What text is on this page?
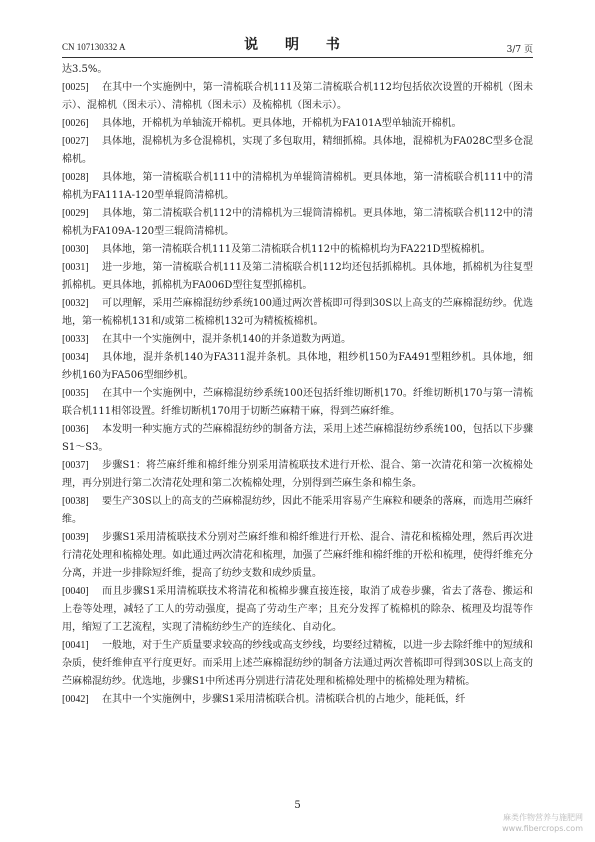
CN 107130332 A	说 明 书	3/7 页

达3.5%。

[0025] 在其中一个实施例中，第一清梳联合机111及第二清梳联合机112均包括依次设置的开棉机（图未示）、混棉机（图未示）、清棉机（图未示）及梳棉机（图未示）。

[0026] 具体地，开棉机为单轴流开棉机。更具体地，开棉机为FA101A型单轴流开棉机。

[0027] 具体地，混棉机为多仓混棉机，实现了多包取用，精细抓棉。具体地，混棉机为FA028C型多仓混棉机。

[0028] 具体地，第一清梳联合机111中的清棉机为单辊筒清棉机。更具体地，第一清梳联合机111中的清棉机为FA111A-120型单辊筒清棉机。

[0029] 具体地，第二清梳联合机112中的清棉机为三辊筒清棉机。更具体地，第二清梳联合机112中的清棉机为FA109A-120型三辊筒清棉机。

[0030] 具体地，第一清梳联合机111及第二清梳联合机112中的梳棉机均为FA221D型梳棉机。

[0031] 进一步地，第一清梳联合机111及第二清梳联合机112均还包括抓棉机。具体地，抓棉机为往复型抓棉机。更具体地，抓棉机为FA006D型往复型抓棉机。

[0032] 可以理解，采用苎麻棉混纺纱系统100通过两次普梳即可得到30S以上高支的苎麻棉混纺纱。优选地，第一梳棉机131和/或第二梳棉机132可为精梳梳棉机。

[0033] 在其中一个实施例中，混并条机140的并条道数为两道。

[0034] 具体地，混并条机140为FA311混并条机。具体地，粗纱机150为FA491型粗纱机。具体地，细纱机160为FA506型细纱机。

[0035] 在其中一个实施例中，苎麻棉混纺纱系统100还包括纤维切断机170。纤维切断机170与第一清梳联合机111相邻设置。纤维切断机170用于切断苎麻精干麻，得到苎麻纤维。

[0036] 本发明一种实施方式的苎麻棉混纺纱的制备方法，采用上述苎麻棉混纺纱系统100，包括以下步骤S1～S3。

[0037] 步骤S1：将苎麻纤维和棉纤维分别采用清梳联技术进行开松、混合、第一次清花和第一次梳棉处理，再分别进行第二次清花处理和第二次梳棉处理，分别得到苎麻生条和棉生条。

[0038] 要生产30S以上的高支的苎麻棉混纺纱，因此不能采用容易产生麻粒和硬条的落麻，而选用苎麻纤维。

[0039] 步骤S1采用清梳联技术分别对苎麻纤维和棉纤维进行开松、混合、清花和梳棉处理，然后再次进行清花处理和梳棉处理。如此通过两次清花和梳理，加强了苎麻纤维和棉纤维的开松和梳理，使得纤维充分分离，并进一步排除短纤维，提高了纺纱支数和成纱质量。

[0040] 而且步骤S1采用清梳联技术将清花和梳棉步骤直接连接，取消了成卷步骤，省去了落卷、搬运和上卷等处理，减轻了工人的劳动强度，提高了劳动生产率；且充分发挥了梳棉机的除杂、梳理及均混等作用，缩短了工艺流程，实现了清梳纺纱生产的连续化、自动化。

[0041] 一般地，对于生产质量要求较高的纱线或高支纱线，均要经过精梳，以进一步去除纤维中的短绒和杂质，使纤维伸直平行度更好。而采用上述苎麻棉混纺纱的制备方法通过两次普梳即可得到30S以上高支的苎麻棉混纺纱。优选地，步骤S1中所述再分别进行清花处理和梳棉处理中的梳棉处理为精梳。

[0042] 在其中一个实施例中，步骤S1采用清梳联合机。清梳联合机的占地少，能耗低，纤

5
麻类作物营养与施肥网
www.fibercrops.com
